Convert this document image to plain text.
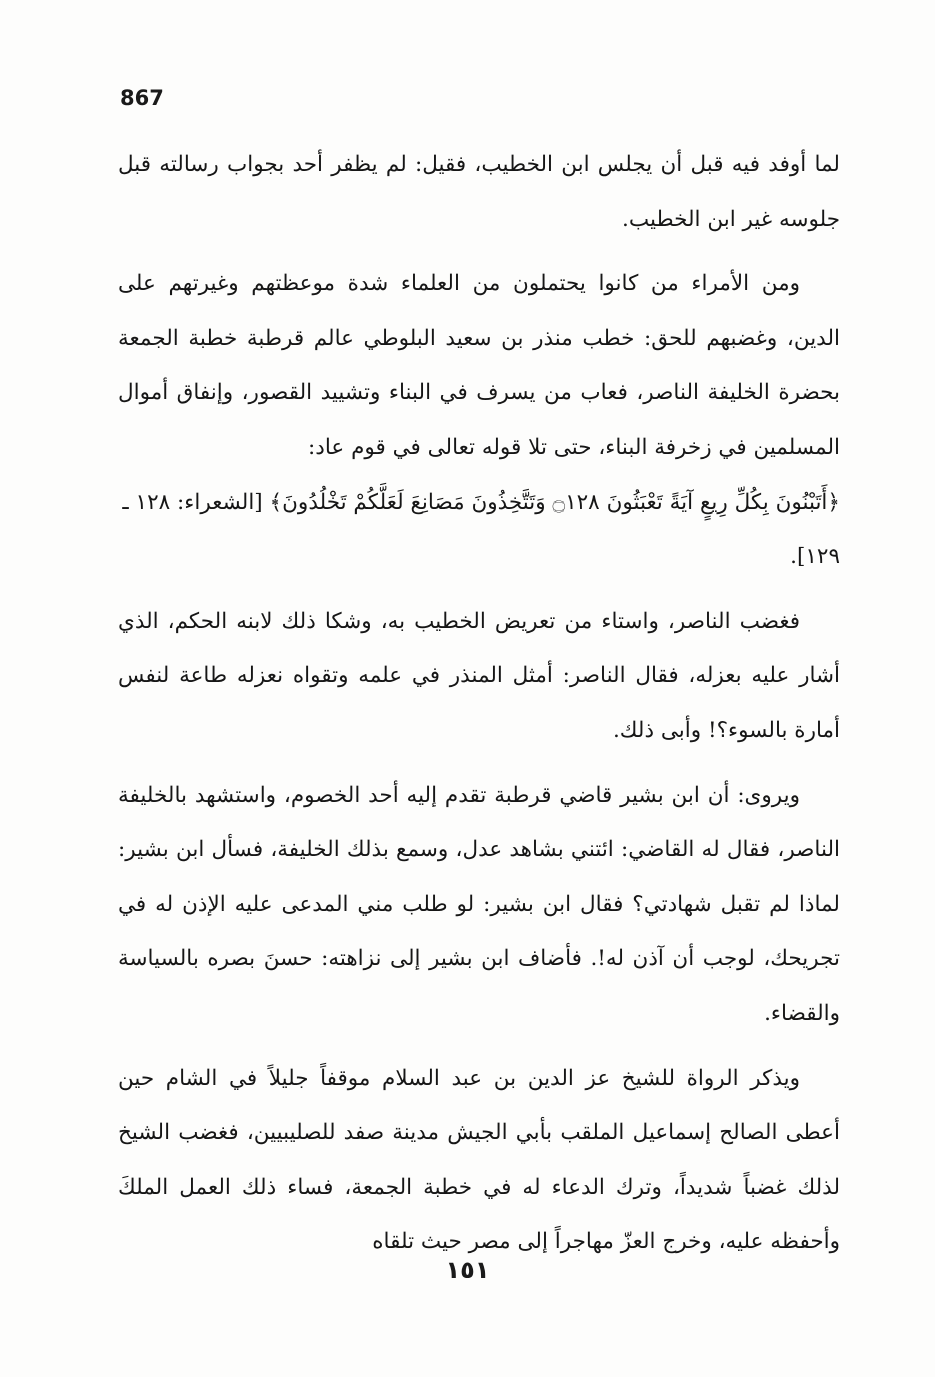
867

لما أوفد فيه قبل أن يجلس ابن الخطيب، فقيل: لم يظفر أحد بجواب رسالته قبل جلوسه غير ابن الخطيب.

ومن الأمراء من كانوا يحتملون من العلماء شدة موعظتهم وغيرتهم على الدين، وغضبهم للحق: خطب منذر بن سعيد البلوطي عالم قرطبة خطبة الجمعة بحضرة الخليفة الناصر، فعاب من يسرف في البناء وتشييد القصور، وإنفاق أموال المسلمين في زخرفة البناء، حتى تلا قوله تعالى في قوم عاد:

﴿أَتَبْنُونَ بِكُلِّ رِيعٍ آيَةً تَعْبَثُونَ ۝١٢٨ وَتَتَّخِذُونَ مَصَانِعَ لَعَلَّكُمْ تَخْلُدُونَ﴾ [الشعراء: ١٢٨ ـ ١٢٩].

فغضب الناصر، واستاء من تعريض الخطيب به، وشكا ذلك لابنه الحكم، الذي أشار عليه بعزله، فقال الناصر: أمثل المنذر في علمه وتقواه نعزله طاعة لنفس أمارة بالسوء؟! وأبى ذلك.

ويروى: أن ابن بشير قاضي قرطبة تقدم إليه أحد الخصوم، واستشهد بالخليفة الناصر، فقال له القاضي: ائتني بشاهد عدل، وسمع بذلك الخليفة، فسأل ابن بشير: لماذا لم تقبل شهادتي؟ فقال ابن بشير: لو طلب مني المدعى عليه الإذن له في تجريحك، لوجب أن آذن له!. فأضاف ابن بشير إلى نزاهته: حسنَ بصره بالسياسة والقضاء.

ويذكر الرواة للشيخ عز الدين بن عبد السلام موقفاً جليلاً في الشام حين أعطى الصالح إسماعيل الملقب بأبي الجيش مدينة صفد للصليبيين، فغضب الشيخ لذلك غضباً شديداً، وترك الدعاء له في خطبة الجمعة، فساء ذلك العمل الملكَ وأحفظه عليه، وخرج العزّ مهاجراً إلى مصر حيث تلقاه

١٥١
